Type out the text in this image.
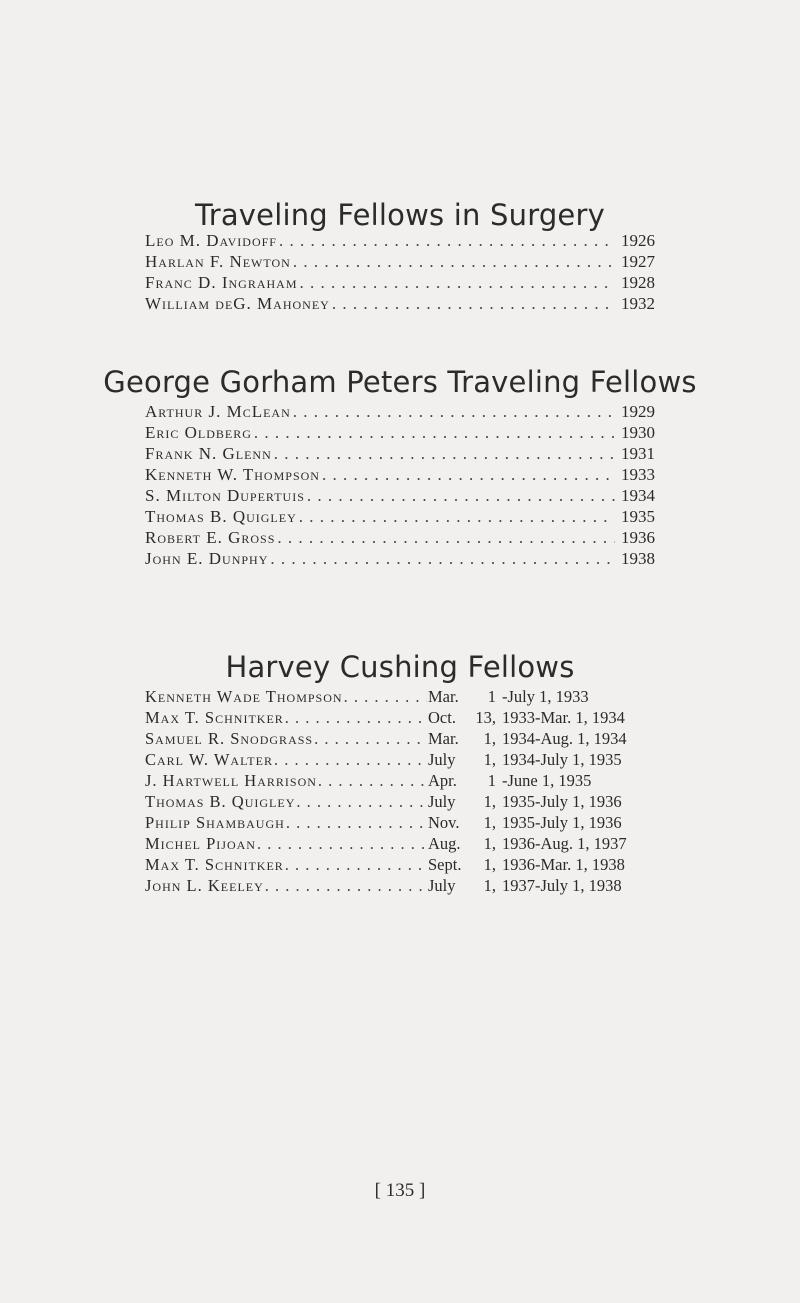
Traveling Fellows in Surgery
Leo M. Davidoff . . .	1926
Harlan F. Newton . . .	1927
Franc D. Ingraham . . .	1928
William deG. Mahoney . . .	1932
George Gorham Peters Traveling Fellows
Arthur J. McLean . . .	1929
Eric Oldberg . . .	1930
Frank N. Glenn . . .	1931
Kenneth W. Thompson . . .	1933
S. Milton Dupertuis . . .	1934
Thomas B. Quigley . . .	1935
Robert E. Gross . . .	1936
John E. Dunphy . . .	1938
Harvey Cushing Fellows
Kenneth Wade Thompson . . .	Mar.	1 -July 1, 1933
Max T. Schnitker . . .	Oct.	13, 1933-Mar. 1, 1934
Samuel R. Snodgrass . . .	Mar.	1, 1934-Aug. 1, 1934
Carl W. Walter . . .	July	1, 1934-July 1, 1935
J. Hartwell Harrison . . .	Apr.	1 -June 1, 1935
Thomas B. Quigley . . .	July	1, 1935-July 1, 1936
Philip Shambaugh . . .	Nov.	1, 1935-July 1, 1936
Michel Pijoan . . .	Aug.	1, 1936-Aug. 1, 1937
Max T. Schnitker . . .	Sept.	1, 1936-Mar. 1, 1938
John L. Keeley . . .	July	1, 1937-July 1, 1938
[ 135 ]
